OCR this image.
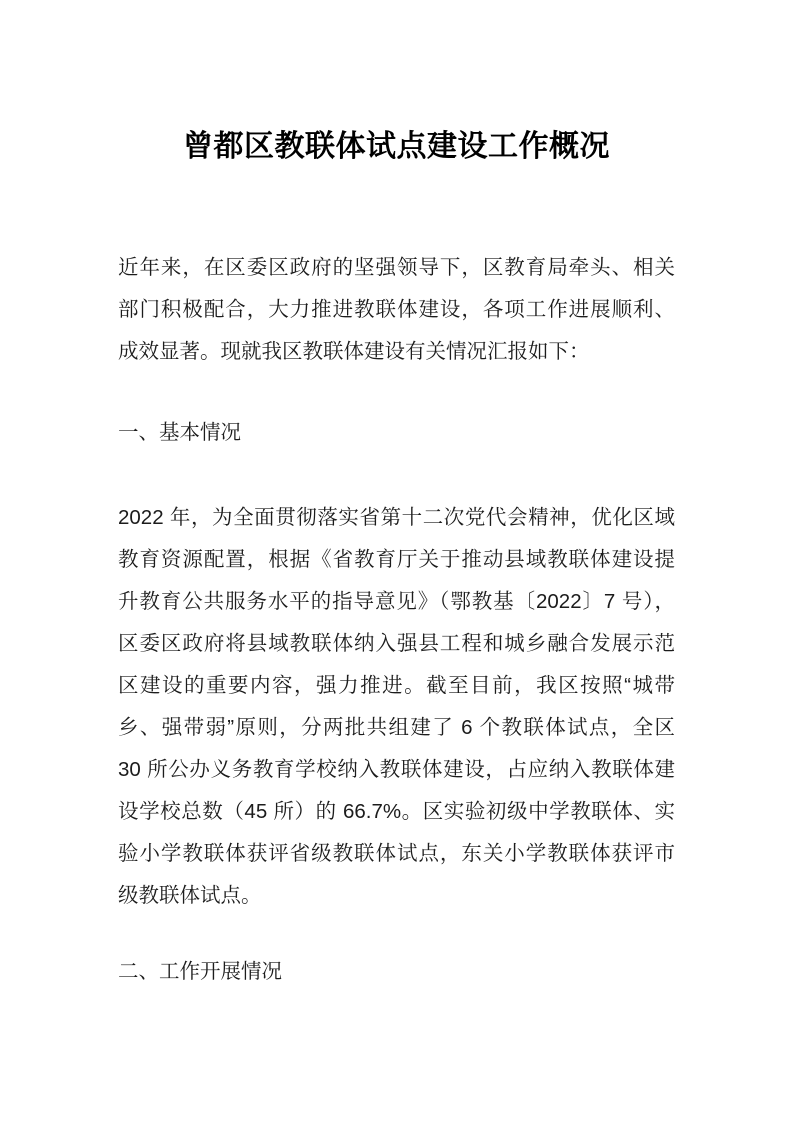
曾都区教联体试点建设工作概况
近年来，在区委区政府的坚强领导下，区教育局牵头、相关
部门积极配合，大力推进教联体建设，各项工作进展顺利、
成效显著。现就我区教联体建设有关情况汇报如下：
一、基本情况
2022 年，为全面贯彻落实省第十二次党代会精神，优化区域
教育资源配置，根据《省教育厅关于推动县域教联体建设提
升教育公共服务水平的指导意见》（鄂教基〔2022〕7 号），
区委区政府将县域教联体纳入强县工程和城乡融合发展示范
区建设的重要内容，强力推进。截至目前，我区按照“城带
乡、强带弱”原则，分两批共组建了 6 个教联体试点，全区
30 所公办义务教育学校纳入教联体建设，占应纳入教联体建
设学校总数（45 所）的 66.7%。区实验初级中学教联体、实
验小学教联体获评省级教联体试点，东关小学教联体获评市
级教联体试点。
二、工作开展情况
